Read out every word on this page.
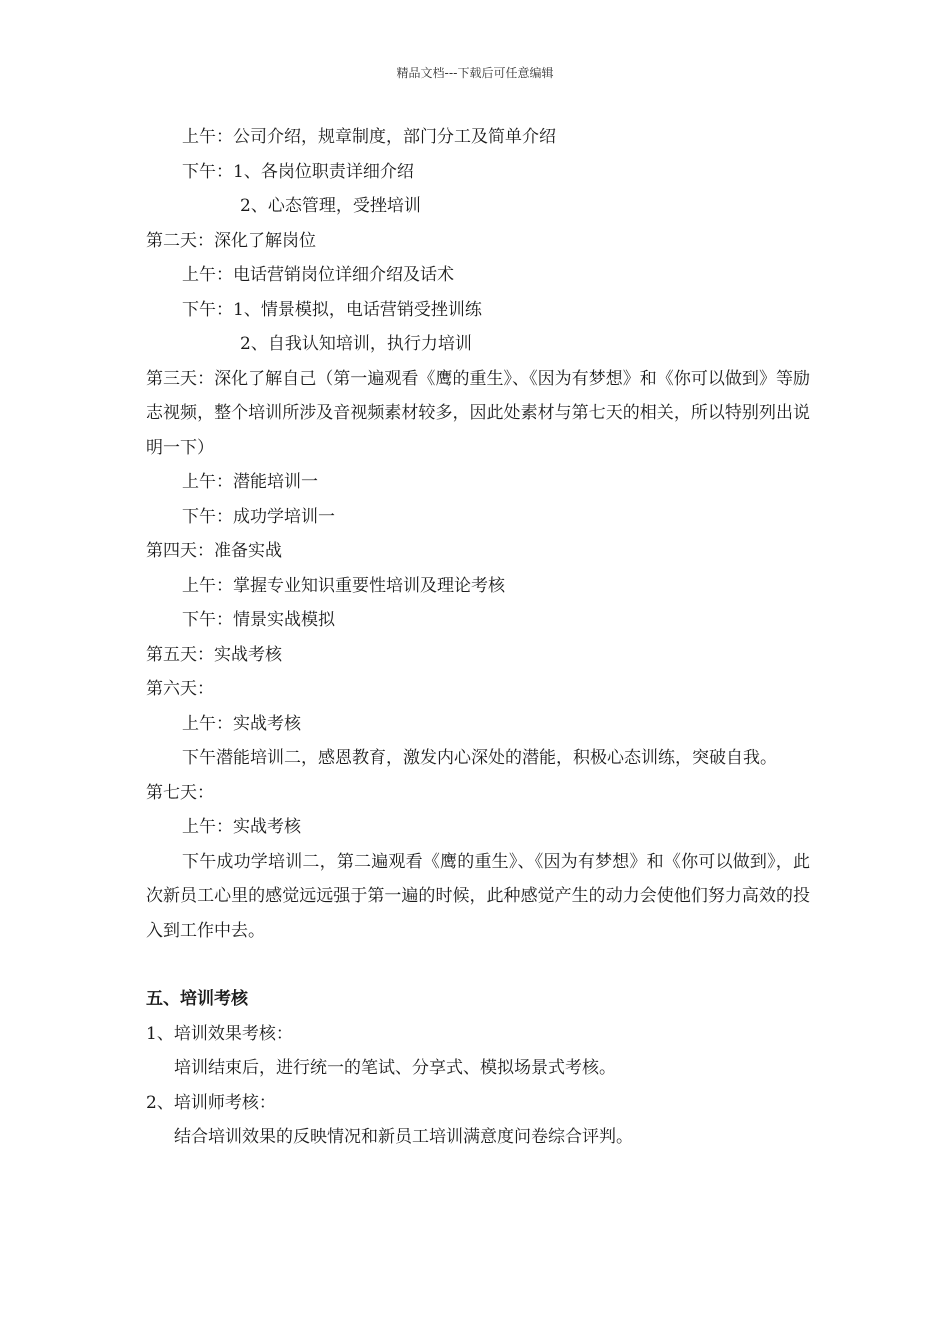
精品文档---下载后可任意编辑
上午：公司介绍，规章制度，部门分工及简单介绍
下午：1、各岗位职责详细介绍
2、心态管理，受挫培训
第二天：深化了解岗位
上午：电话营销岗位详细介绍及话术
下午：1、情景模拟，电话营销受挫训练
2、自我认知培训，执行力培训
第三天：深化了解自己（第一遍观看《鹰的重生》、《因为有梦想》和《你可以做到》等励志视频，整个培训所涉及音视频素材较多，因此处素材与第七天的相关，所以特别列出说明一下）
上午：潜能培训一
下午：成功学培训一
第四天：准备实战
上午：掌握专业知识重要性培训及理论考核
下午：情景实战模拟
第五天：实战考核
第六天：
上午：实战考核
下午潜能培训二，感恩教育，激发内心深处的潜能，积极心态训练，突破自我。
第七天：
上午：实战考核
下午成功学培训二，第二遍观看《鹰的重生》、《因为有梦想》和《你可以做到》，此次新员工心里的感觉远远强于第一遍的时候，此种感觉产生的动力会使他们努力高效的投入到工作中去。
五、培训考核
1、培训效果考核：
培训结束后，进行统一的笔试、分享式、模拟场景式考核。
2、培训师考核：
结合培训效果的反映情况和新员工培训满意度问卷综合评判。
